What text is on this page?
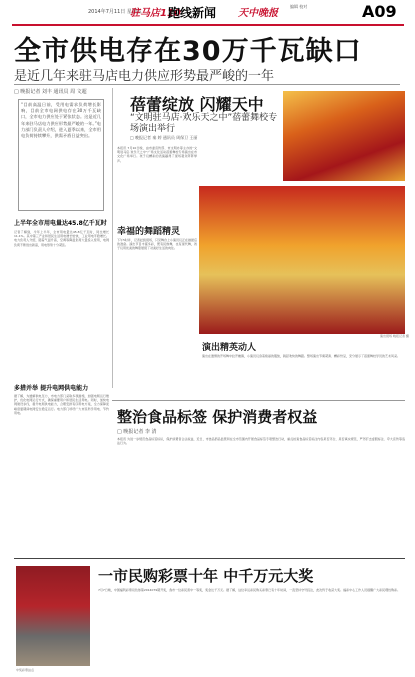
2014年7月11日 星期五
驻马店110
跑线新闻 天中晚报
编辑 校对	A09
全市供电存在30万千瓦缺口
是近几年来驻马店电力供应形势最严峻的一年
□ 晚报记者 刘丰 通讯员 周 文超
“目前高温日前，受用电需求负荷增长影响，目前全市电网供电存在30万千瓦缺口，全市电力供应处于紧张状态。这是近几年来驻马店电力供应形势最严峻的一年。”电力部门负责人介绍，进入夏季以来，全市用电负荷持续攀升，供需矛盾日益突出。
上半年全市用电量达45.8亿千瓦时
记者了解到，今年上半年，全市用电量达45.8亿千瓦时，同比增长11.1%。其中第三产业和居民生活用电增长较快，工业用电平稳增长。电力负责人介绍，随着气温升高，空调等降温负荷大量投入使用，电网负荷不断创出新高，用电形势十分紧张。
多措并举 提升电网供电能力
据了解，为缓解供电压力，市电力部门采取多项措施，加强电网运行维护，优化电网运行方式，确保重要用户和居民生活用电。同时，加快电网建设步伐，提升电网供电能力，合理安排有序用电方案，全力保障迎峰度夏期间电网安全稳定运行。电力部门呼吁广大市民科学用电、节约用电。
蓓蕾绽放 闪耀天中
“文明驻马店·欢乐天之中”蓓蕾舞校专场演出举行
□ 晚报记者 秦 婷 通讯员 周保卫 王丽
本报讯 7月10日晚，由市委宣传部、市文明办等主办的“文明驻马店·欢乐天之中”广场文化活动蓓蕾舞校专场演出在市文化广场举行。孩子们精彩的表演赢得了现场观众阵阵掌声。
幸福的舞蹈精灵
下午5时许，记者赶到现场，只见舞台上小演员们正在做最后的准备。演出节目丰富多彩，既有民族舞，也有现代舞，孩子们用优美的舞姿展现了对美好生活的向往。
演出现场 晚报记者 摄
演出精英动人
演出在激情的开场舞中拉开帷幕，小演员们身着艳丽的服装，跳起欢快的舞蹈。整场演出节奏紧凑、精彩纷呈，充分展示了蓓蕾舞校学员的艺术风采。
整治食品标签 保护消费者权益
□ 晚报记者 李 清
本报讯 为进一步规范食品标签标识，保护消费者合法权益，近日，市食品药品监管局在全市范围内开展食品标签专项整治行动，重点检查食品标签标注内容是否齐全、是否真实规范，严厉打击虚假标注、夸大宣传等违法行为。
中奖彩票站点
一市民购彩票十年 中千万元大奖
7月7日晚，中国福利彩票双色球第2014079期开奖，我市一位彩民喜中一等奖，奖金达千万元。据了解，这位幸运彩民购买彩票已有十年时间，一直坚持守号投注，此次终于收获大奖。福彩中心工作人员提醒广大彩民理性购彩。
